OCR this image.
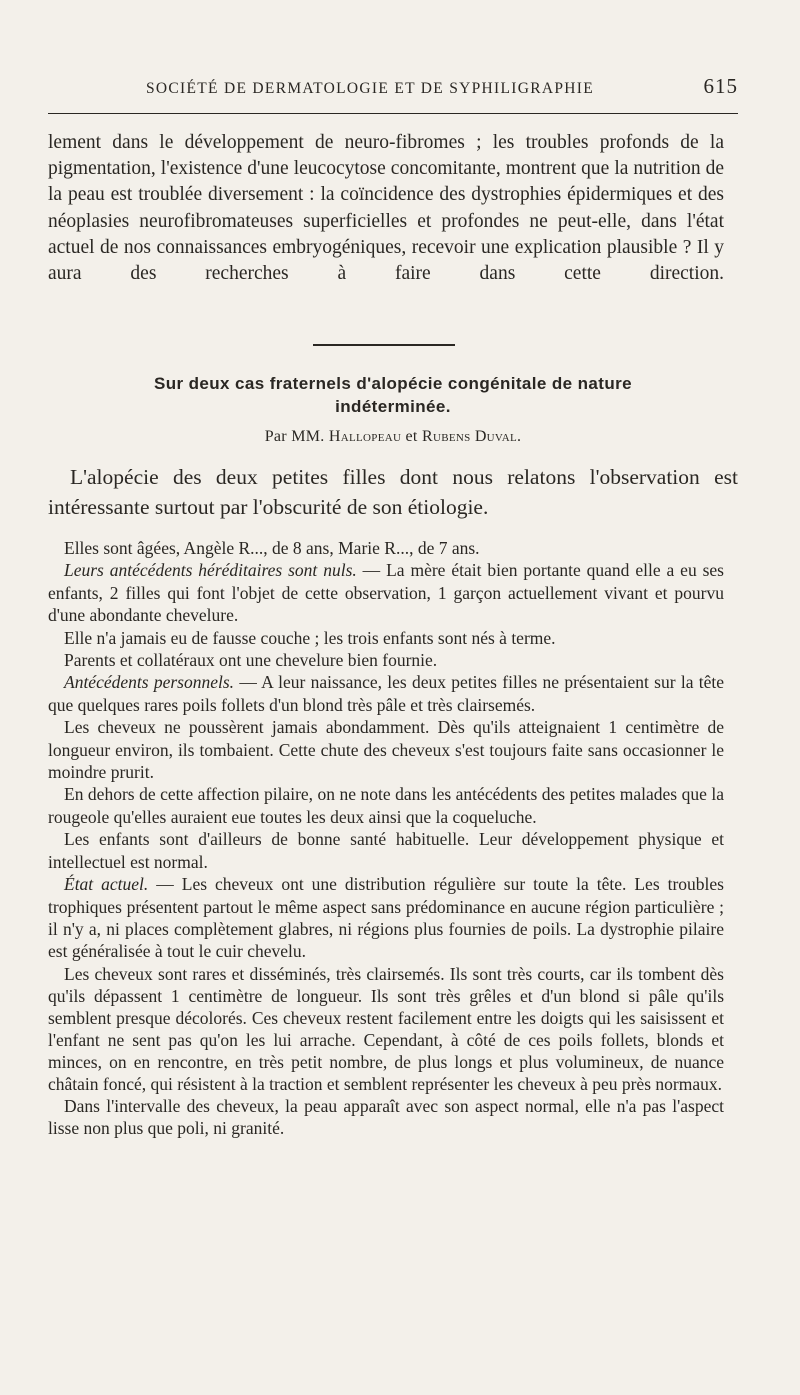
SOCIÉTÉ DE DERMATOLOGIE ET DE SYPHILIGRAPHIE	615

lement dans le développement de neuro-fibromes ; les troubles profonds de la pigmentation, l'existence d'une leucocytose concomitante, montrent que la nutrition de la peau est troublée diversement : la coïncidence des dystrophies épidermiques et des néoplasies neurofibromateuses superficielles et profondes ne peut-elle, dans l'état actuel de nos connaissances embryogéniques, recevoir une explication plausible ? Il y aura des recherches à faire dans cette direction.

Sur deux cas fraternels d'alopécie congénitale de nature
indéterminée.
Par MM. Hallopeau et Rubens Duval.

L'alopécie des deux petites filles dont nous relatons l'observation est intéressante surtout par l'obscurité de son étiologie.

Elles sont âgées, Angèle R..., de 8 ans, Marie R..., de 7 ans.

Leurs antécédents héréditaires sont nuls. — La mère était bien portante quand elle a eu ses enfants, 2 filles qui font l'objet de cette observation, 1 garçon actuellement vivant et pourvu d'une abondante chevelure.

Elle n'a jamais eu de fausse couche ; les trois enfants sont nés à terme.

Parents et collatéraux ont une chevelure bien fournie.

Antécédents personnels. — A leur naissance, les deux petites filles ne présentaient sur la tête que quelques rares poils follets d'un blond très pâle et très clairsemés.

Les cheveux ne poussèrent jamais abondamment. Dès qu'ils atteignaient 1 centimètre de longueur environ, ils tombaient. Cette chute des cheveux s'est toujours faite sans occasionner le moindre prurit.

En dehors de cette affection pilaire, on ne note dans les antécédents des petites malades que la rougeole qu'elles auraient eue toutes les deux ainsi que la coqueluche.

Les enfants sont d'ailleurs de bonne santé habituelle. Leur développement physique et intellectuel est normal.

État actuel. — Les cheveux ont une distribution régulière sur toute la tête. Les troubles trophiques présentent partout le même aspect sans prédominance en aucune région particulière ; il n'y a, ni places complètement glabres, ni régions plus fournies de poils. La dystrophie pilaire est généralisée à tout le cuir chevelu.

Les cheveux sont rares et disséminés, très clairsemés. Ils sont très courts, car ils tombent dès qu'ils dépassent 1 centimètre de longueur. Ils sont très grêles et d'un blond si pâle qu'ils semblent presque décolorés. Ces cheveux restent facilement entre les doigts qui les saisissent et l'enfant ne sent pas qu'on les lui arrache. Cependant, à côté de ces poils follets, blonds et minces, on en rencontre, en très petit nombre, de plus longs et plus volumineux, de nuance châtain foncé, qui résistent à la traction et semblent représenter les cheveux à peu près normaux.

Dans l'intervalle des cheveux, la peau apparaît avec son aspect normal, elle n'a pas l'aspect lisse non plus que poli, ni granité.
